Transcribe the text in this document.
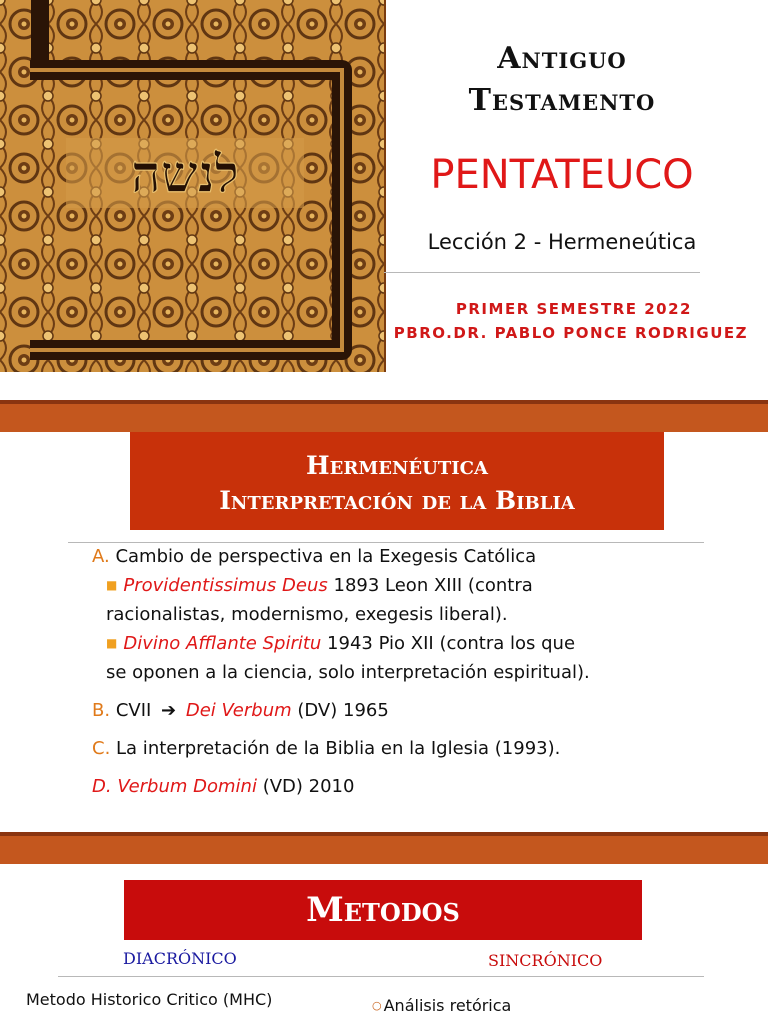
לנשה
Antiguo
Testamento
PENTATEUCO
Lección 2 - Hermeneútica
PRIMER SEMESTRE 2022
PBRO.DR. PABLO PONCE RODRIGUEZ
Hermenéutica
Interpretación de la Biblia

A. Cambio de perspectiva en la Exegesis Católica

■ Providentissimus Deus 1893 Leon XIII (contra
racionalistas, modernismo, exegesis liberal).

■ Divino Afflante Spiritu 1943 Pio XII (contra los que
se oponen a la ciencia, solo interpretación espiritual).

B. CVII ➔ Dei Verbum (DV) 1965

C. La interpretación de la Biblia en la Iglesia (1993).

D. Verbum Domini (VD) 2010

Metodos
DIACRÓNICO	SINCRÓNICO
Metodo Historico Critico (MHC)	○ Análisis retórica
